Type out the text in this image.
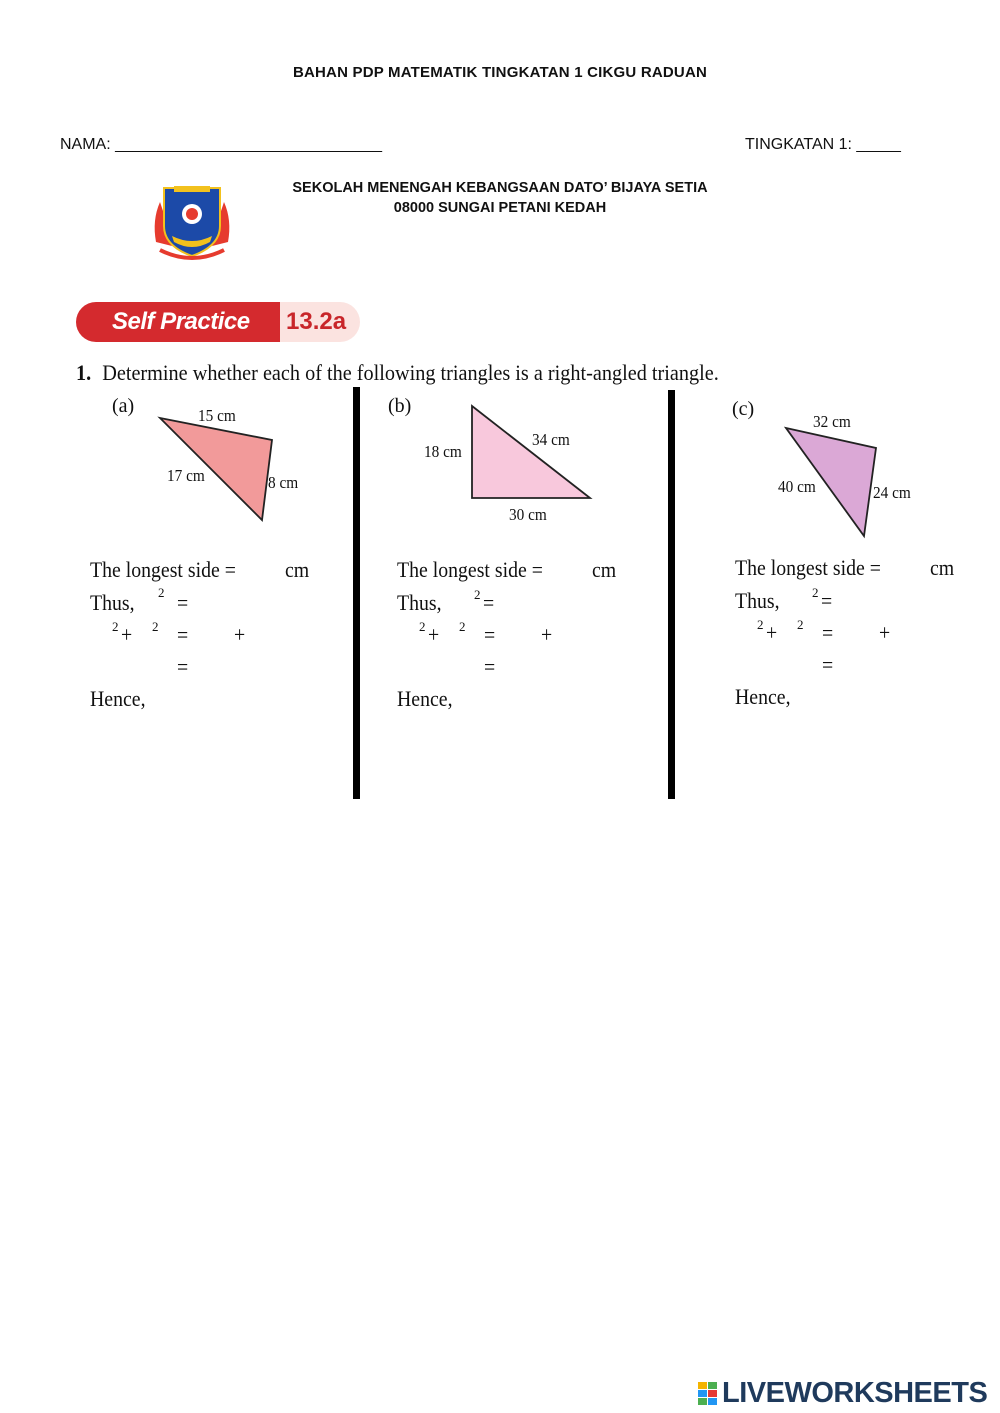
BAHAN PDP MATEMATIK TINGKATAN 1 CIKGU RADUAN
NAMA: ______________________________	TINGKATAN 1: _____
SEKOLAH MENENGAH KEBANGSAAN DATO’ BIJAYA SETIA
08000 SUNGAI PETANI KEDAH
Self Practice	13.2a
1. Determine whether each of the following triangles is a right-angled triangle.
(a)	15 cm
17 cm	8 cm
(b)
18 cm
34 cm
30 cm
(c)
32 cm
40 cm	24 cm
The longest side = cm
Thus, 2 =
2 + 2 = +
=
Hence,
The longest side = cm
Thus, 2 =
2 + 2 = +
=
Hence,
The longest side = cm
Thus, 2 =
2 + 2 = +
=
Hence,
LIVEWORKSHEETS
